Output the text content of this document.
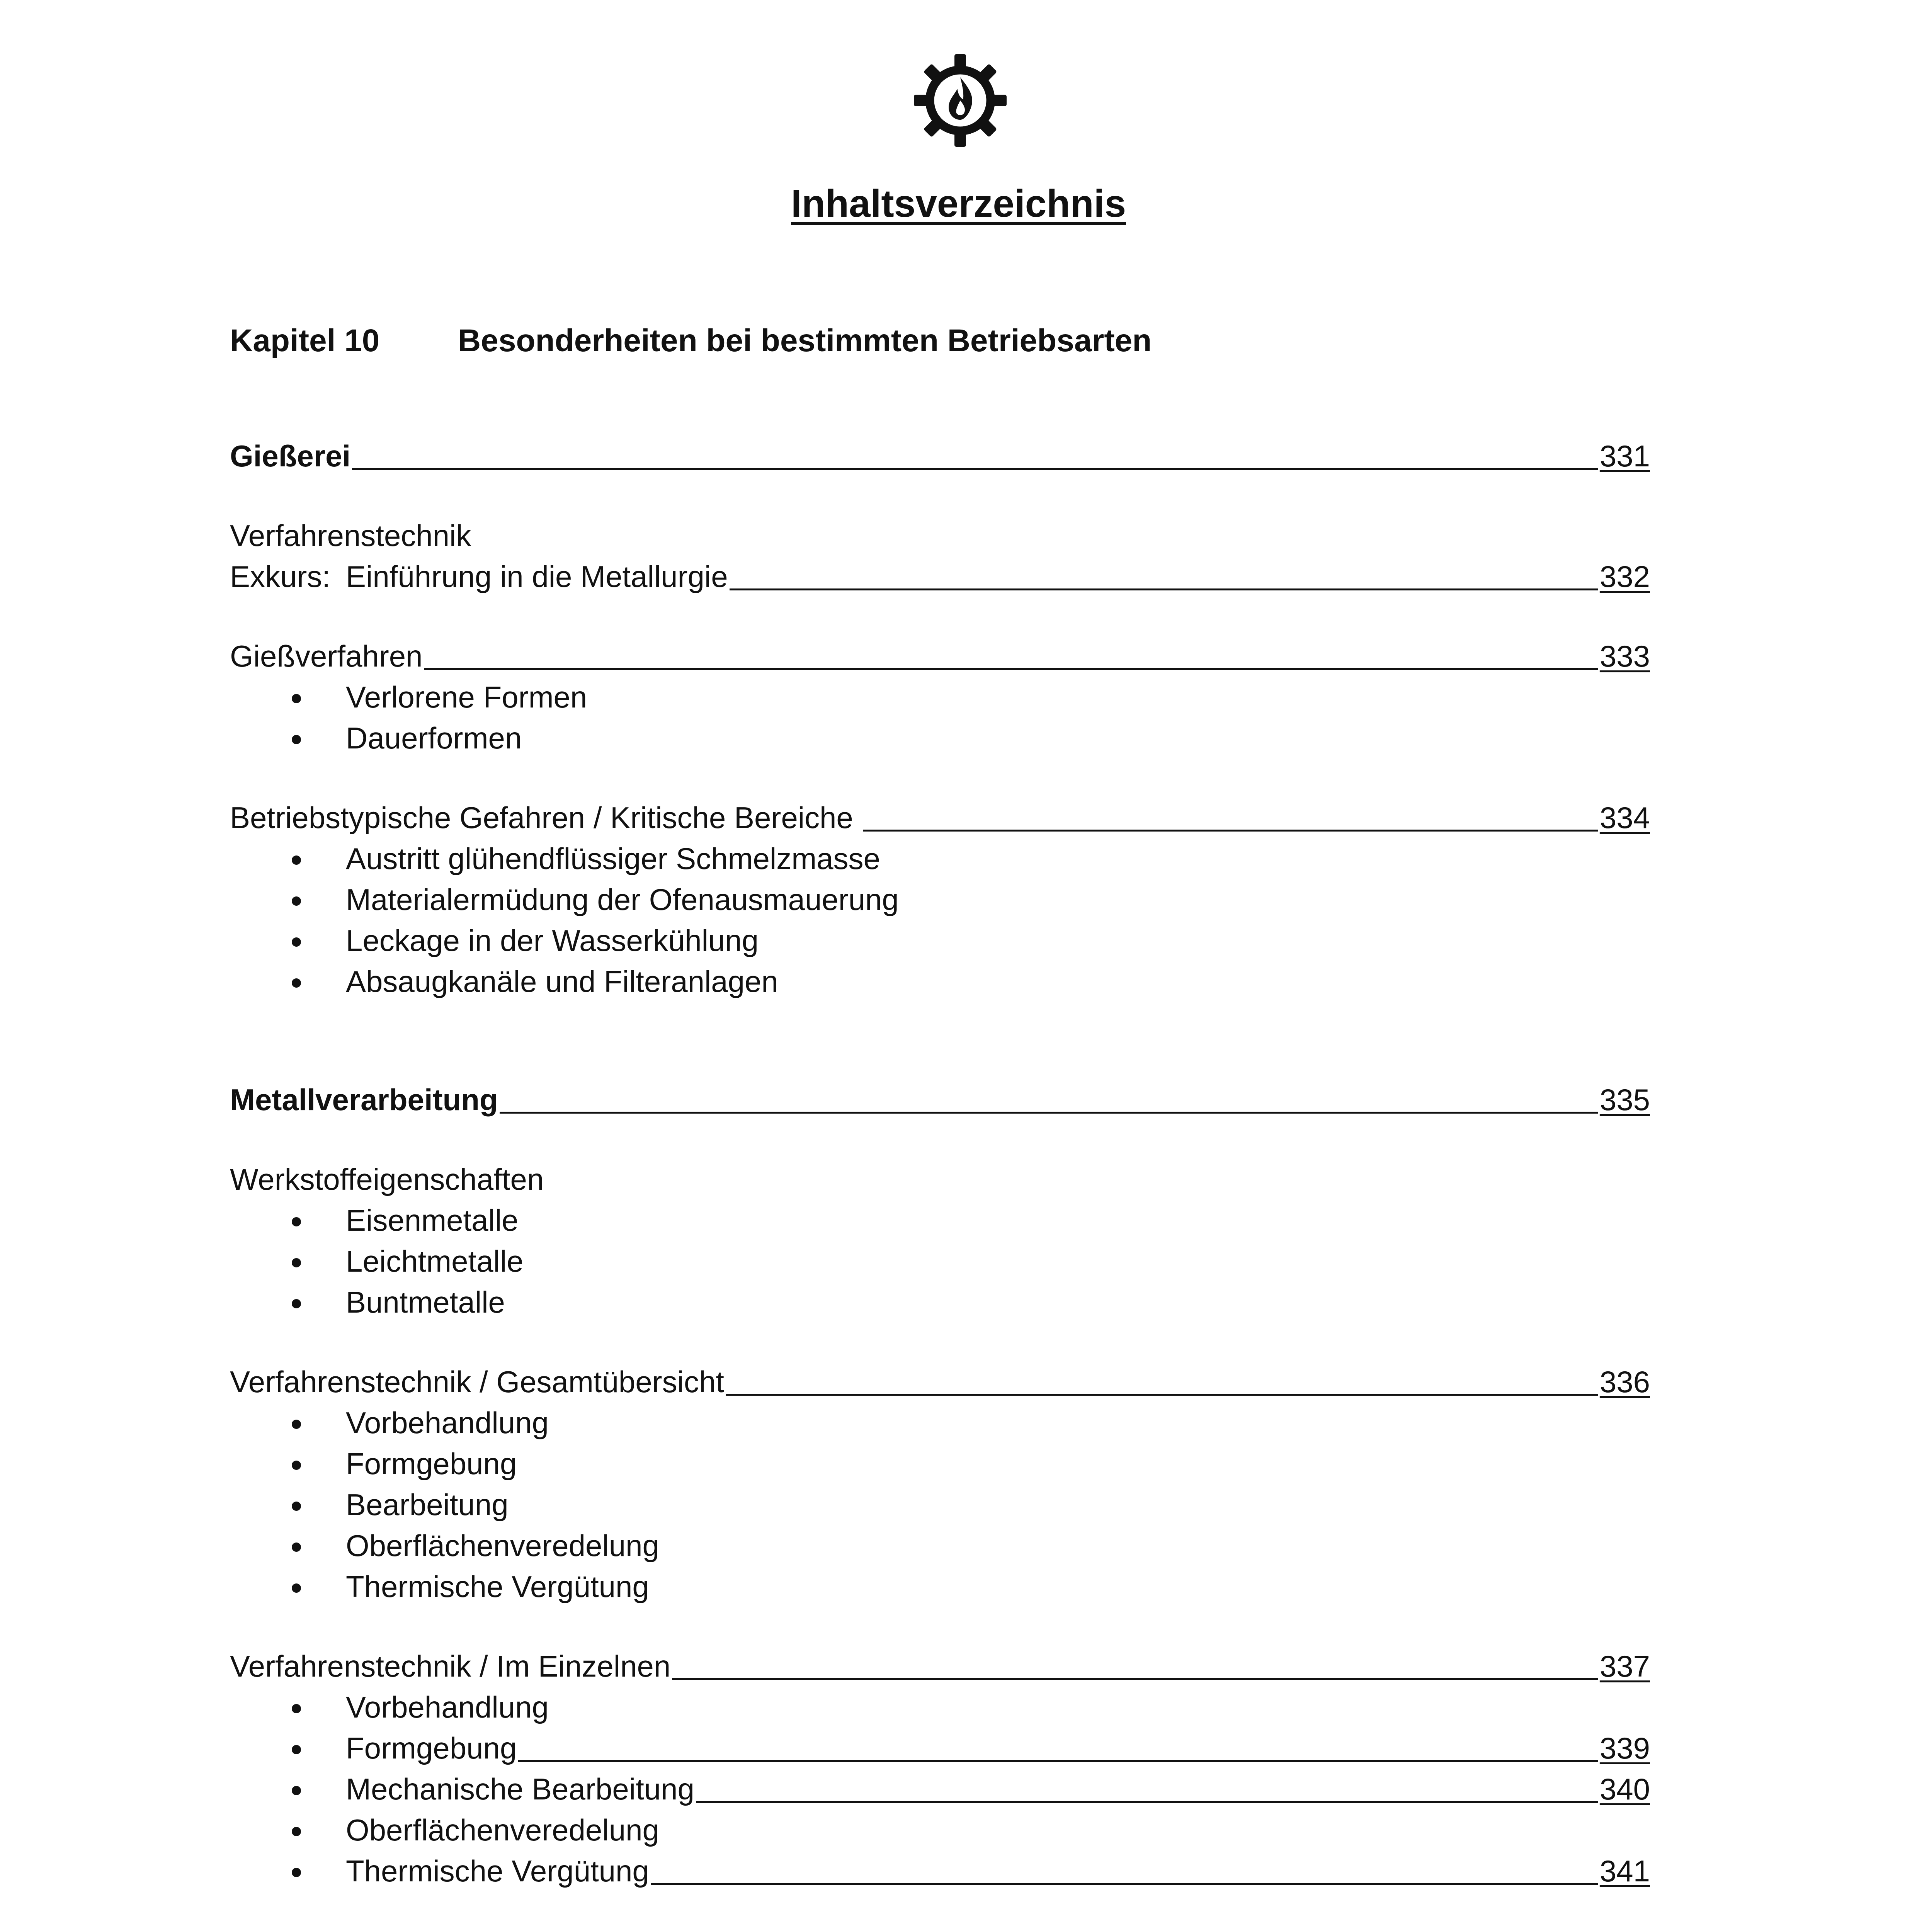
Inhaltsverzeichnis
Kapitel 10 Besonderheiten bei bestimmten Betriebsarten
Gießerei	331
Verfahrenstechnik
Exkurs: Einführung in die Metallurgie	332
Gießverfahren	333
Verlorene Formen
Dauerformen
Betriebstypische Gefahren / Kritische Bereiche	334
Austritt glühendflüssiger Schmelzmasse
Materialermüdung der Ofenausmauerung
Leckage in der Wasserkühlung
Absaugkanäle und Filteranlagen
Metallverarbeitung	335
Werkstoffeigenschaften
Eisenmetalle
Leichtmetalle
Buntmetalle
Verfahrenstechnik / Gesamtübersicht	336
Vorbehandlung
Formgebung
Bearbeitung
Oberflächenveredelung
Thermische Vergütung
Verfahrenstechnik / Im Einzelnen	337
Vorbehandlung
Formgebung	339
Mechanische Bearbeitung	340
Oberflächenveredelung
Thermische Vergütung	341
